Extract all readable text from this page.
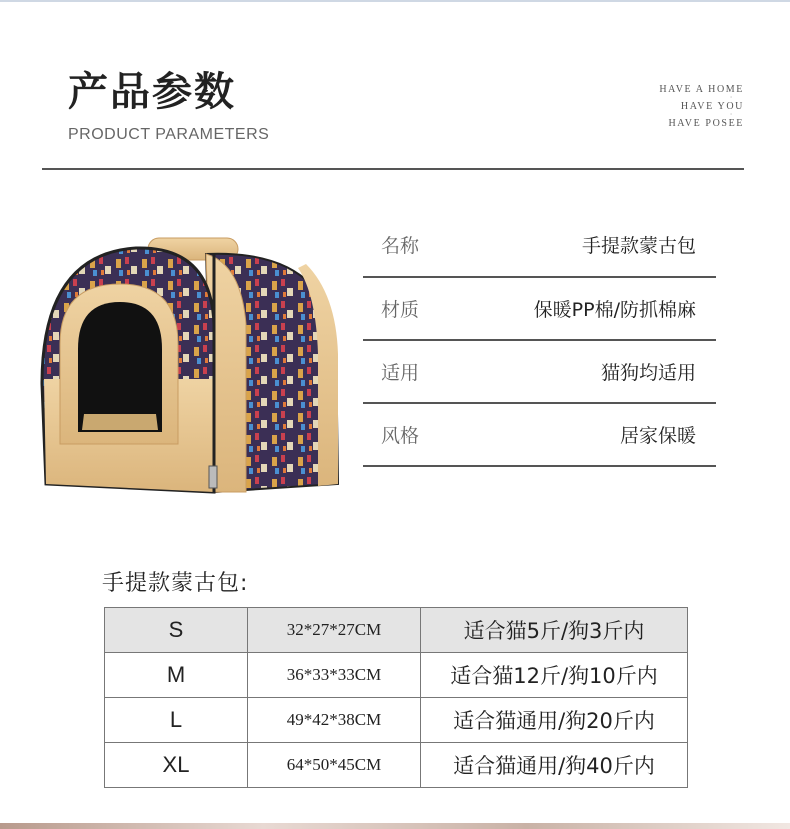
产品参数
PRODUCT PARAMETERS
HAVE A HOME
·
HAVE YOU
·
HAVE POSEE
名称	手提款蒙古包
材质	保暖PP棉/防抓棉麻
适用	猫狗均适用
风格	居家保暖
手提款蒙古包:
S	32*27*27CM	适合猫5斤/狗3斤内
M	36*33*33CM	适合猫12斤/狗10斤内
L	49*42*38CM	适合猫通用/狗20斤内
XL	64*50*45CM	适合猫通用/狗40斤内
